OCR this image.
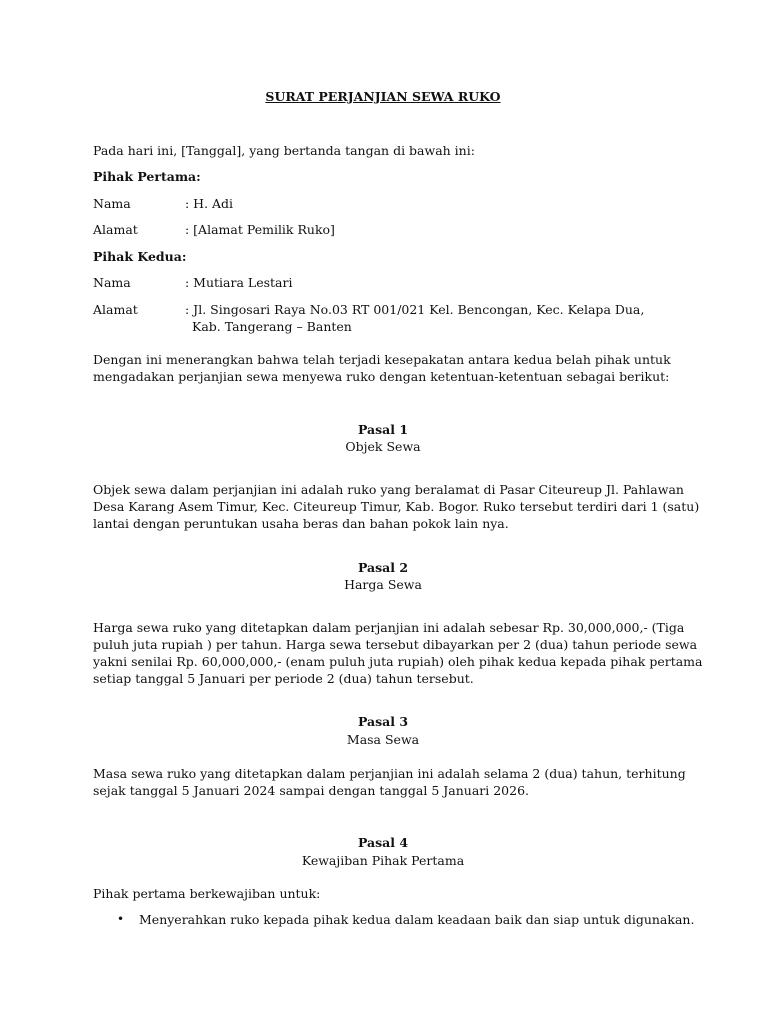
SURAT PERJANJIAN SEWA RUKO
Pada hari ini, [Tanggal], yang bertanda tangan di bawah ini:
Pihak Pertama:
Nama	: H. Adi
Alamat	: [Alamat Pemilik Ruko]
Pihak Kedua:
Nama	: Mutiara Lestari
Alamat	: Jl. Singosari Raya No.03 RT 001/021 Kel. Bencongan, Kec. Kelapa Dua,
Kab. Tangerang – Banten
Dengan ini menerangkan bahwa telah terjadi kesepakatan antara kedua belah pihak untuk
mengadakan perjanjian sewa menyewa ruko dengan ketentuan-ketentuan sebagai berikut:
Pasal 1
Objek Sewa
Objek sewa dalam perjanjian ini adalah ruko yang beralamat di Pasar Citeureup Jl. Pahlawan
Desa Karang Asem Timur, Kec. Citeureup Timur, Kab. Bogor. Ruko tersebut terdiri dari 1 (satu)
lantai dengan peruntukan usaha beras dan bahan pokok lain nya.
Pasal 2
Harga Sewa
Harga sewa ruko yang ditetapkan dalam perjanjian ini adalah sebesar Rp. 30,000,000,- (Tiga
puluh juta rupiah ) per tahun. Harga sewa tersebut dibayarkan per 2 (dua) tahun periode sewa
yakni senilai Rp. 60,000,000,- (enam puluh juta rupiah) oleh pihak kedua kepada pihak pertama
setiap tanggal 5 Januari per periode 2 (dua) tahun tersebut.
Pasal 3
Masa Sewa
Masa sewa ruko yang ditetapkan dalam perjanjian ini adalah selama 2 (dua) tahun, terhitung
sejak tanggal 5 Januari 2024 sampai dengan tanggal 5 Januari 2026.
Pasal 4
Kewajiban Pihak Pertama
Pihak pertama berkewajiban untuk:
• Menyerahkan ruko kepada pihak kedua dalam keadaan baik dan siap untuk digunakan.
